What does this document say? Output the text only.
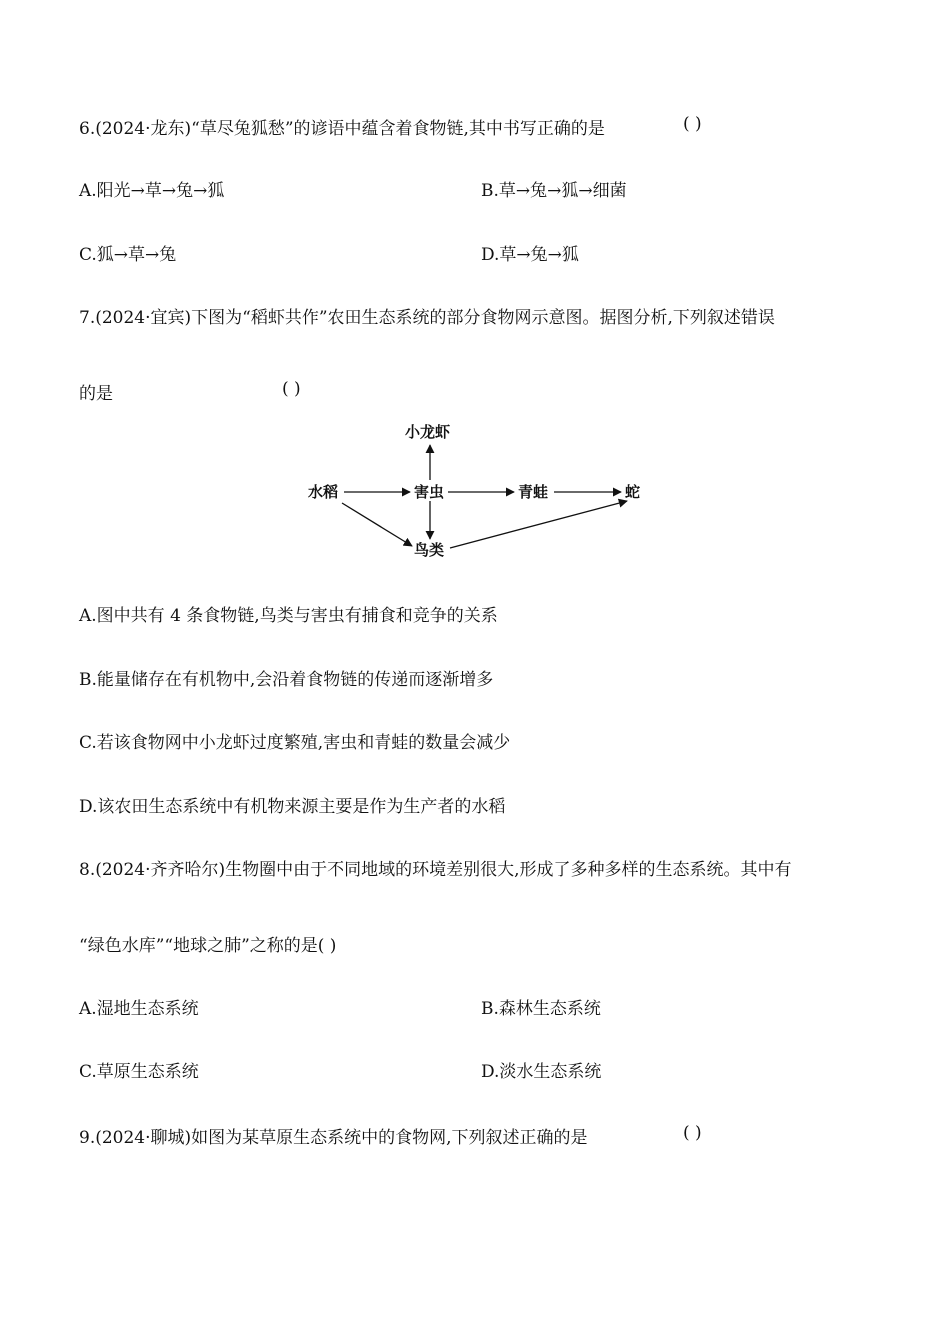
6.(2024·龙东)“草尽兔狐愁”的谚语中蕴含着食物链,其中书写正确的是	( )
A.阳光→草→兔→狐	B.草→兔→狐→细菌
C.狐→草→兔	D.草→兔→狐
7.(2024·宜宾)下图为“稻虾共作”农田生态系统的部分食物网示意图。据图分析,下列叙述错误
的是	( )
小龙虾
水稻	害虫	青蛙	蛇
鸟类
A.图中共有 4 条食物链,鸟类与害虫有捕食和竞争的关系
B.能量储存在有机物中,会沿着食物链的传递而逐渐增多
C.若该食物网中小龙虾过度繁殖,害虫和青蛙的数量会减少
D.该农田生态系统中有机物来源主要是作为生产者的水稻
8.(2024·齐齐哈尔)生物圈中由于不同地域的环境差别很大,形成了多种多样的生态系统。其中有
“绿色水库”“地球之肺”之称的是( )
A.湿地生态系统	B.森林生态系统
C.草原生态系统	D.淡水生态系统
9.(2024·聊城)如图为某草原生态系统中的食物网,下列叙述正确的是	( )
